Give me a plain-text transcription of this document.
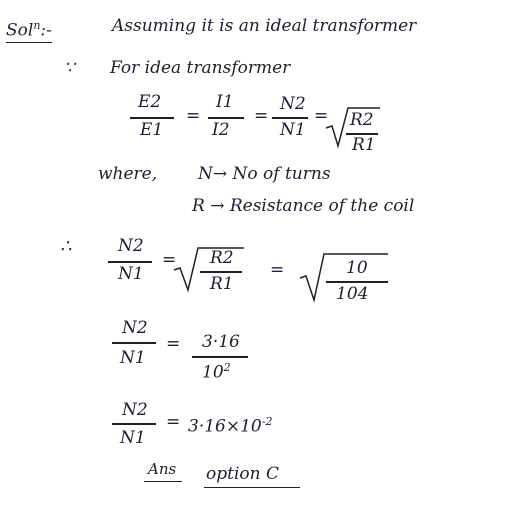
Sol$^n$:-	Assuming it is an ideal transformer
∵ For idea transformer
E2
E1
=
I1
I2
=
N2
N1
= R2
R1
where, N→ No of turns
R → Resistance of the coil
∴	N2
N1
= R2
R1
=	10
104
N2
N1
= 3·16
$10^2$
N2
N1
= $3\cdot 16\times 10^{-2}$
Ans option C
